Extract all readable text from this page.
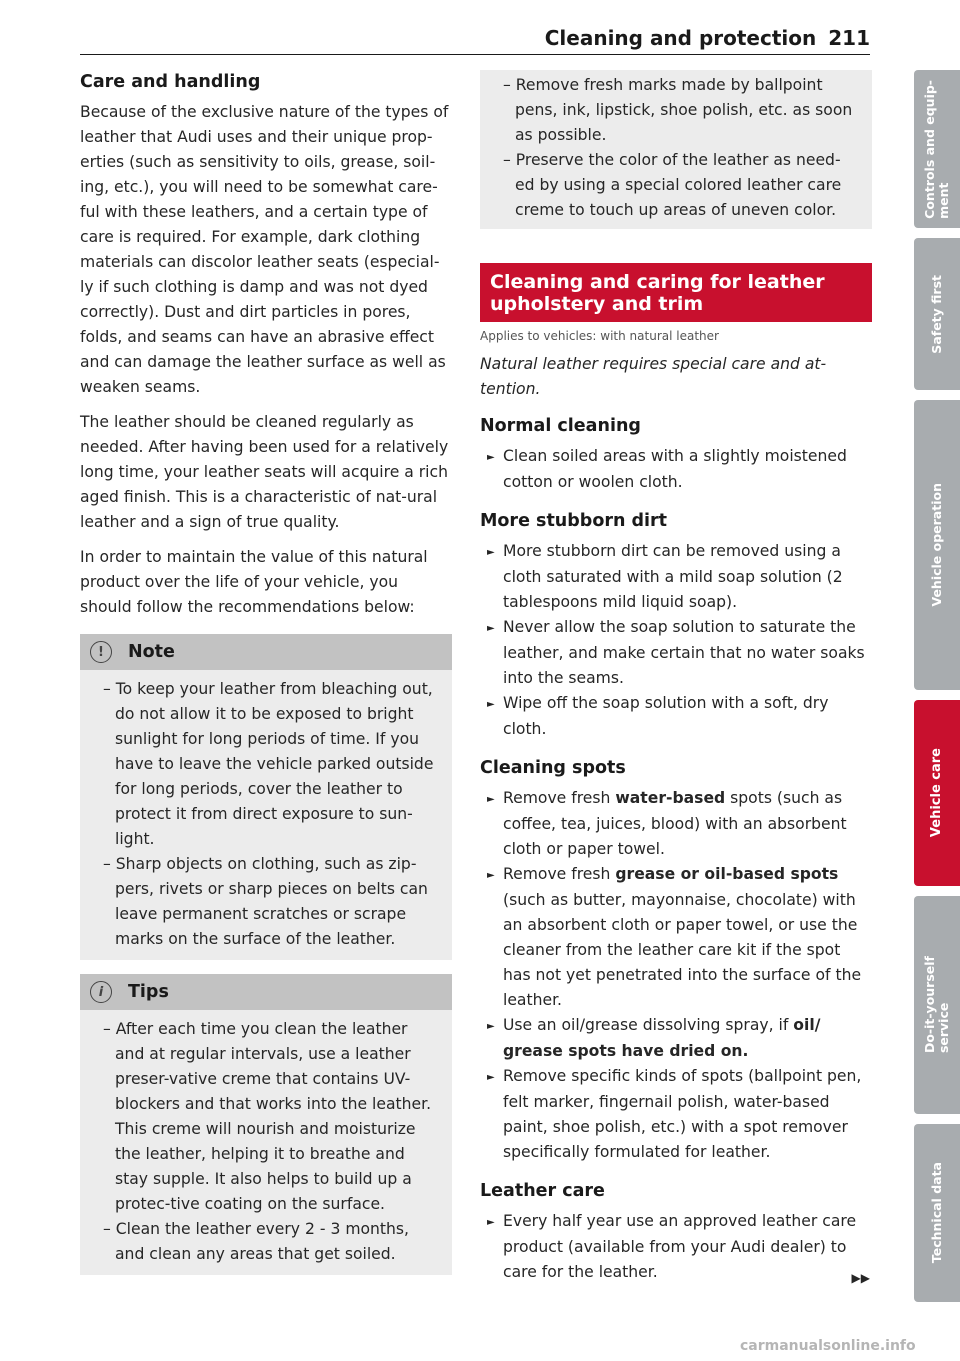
Cleaning and protection 211
Care and handling

Because of the exclusive nature of the types of leather that Audi uses and their unique prop-erties (such as sensitivity to oils, grease, soil-ing, etc.), you will need to be somewhat care-ful with these leathers, and a certain type of care is required. For example, dark clothing materials can discolor leather seats (especial-ly if such clothing is damp and was not dyed correctly). Dust and dirt particles in pores, folds, and seams can have an abrasive effect and can damage the leather surface as well as weaken seams.

The leather should be cleaned regularly as needed. After having been used for a relatively long time, your leather seats will acquire a rich aged finish. This is a characteristic of nat-ural leather and a sign of true quality.

In order to maintain the value of this natural product over the life of your vehicle, you should follow the recommendations below:

!	Note
– To keep your leather from bleaching out, do not allow it to be exposed to bright sunlight for long periods of time. If you have to leave the vehicle parked outside for long periods, cover the leather to protect it from direct exposure to sun-light.
– Sharp objects on clothing, such as zip-pers, rivets or sharp pieces on belts can leave permanent scratches or scrape marks on the surface of the leather.
i	Tips
– After each time you clean the leather and at regular intervals, use a leather preser-vative creme that contains UV-blockers and that works into the leather. This creme will nourish and moisturize the leather, helping it to breathe and stay supple. It also helps to build up a protec-tive coating on the surface.
– Clean the leather every 2 - 3 months, and clean any areas that get soiled.
– Remove fresh marks made by ballpoint pens, ink, lipstick, shoe polish, etc. as soon as possible.
– Preserve the color of the leather as need-ed by using a special colored leather care creme to touch up areas of uneven color.
Cleaning and caring for leather upholstery and trim
Applies to vehicles: with natural leather
Natural leather requires special care and at-tention.
Normal cleaning
► Clean soiled areas with a slightly moistened cotton or woolen cloth.
More stubborn dirt
► More stubborn dirt can be removed using a cloth saturated with a mild soap solution (2 tablespoons mild liquid soap).
► Never allow the soap solution to saturate the leather, and make certain that no water soaks into the seams.
► Wipe off the soap solution with a soft, dry cloth.
Cleaning spots
► Remove fresh water-based spots (such as coffee, tea, juices, blood) with an absorbent cloth or paper towel.
► Remove fresh grease or oil-based spots (such as butter, mayonnaise, chocolate) with an absorbent cloth or paper towel, or use the cleaner from the leather care kit if the spot has not yet penetrated into the surface of the leather.
► Use an oil/grease dissolving spray, if oil/ grease spots have dried on.
► Remove specific kinds of spots (ballpoint pen, felt marker, fingernail polish, water-based paint, shoe polish, etc.) with a spot remover specifically formulated for leather.
Leather care
► Every half year use an approved leather care product (available from your Audi dealer) to care for the leather.	▶▶
Controls and equip-
ment
Safety first
Vehicle operation
Vehicle care
Do-it-yourself
service
Technical data
carmanualsonline.info
